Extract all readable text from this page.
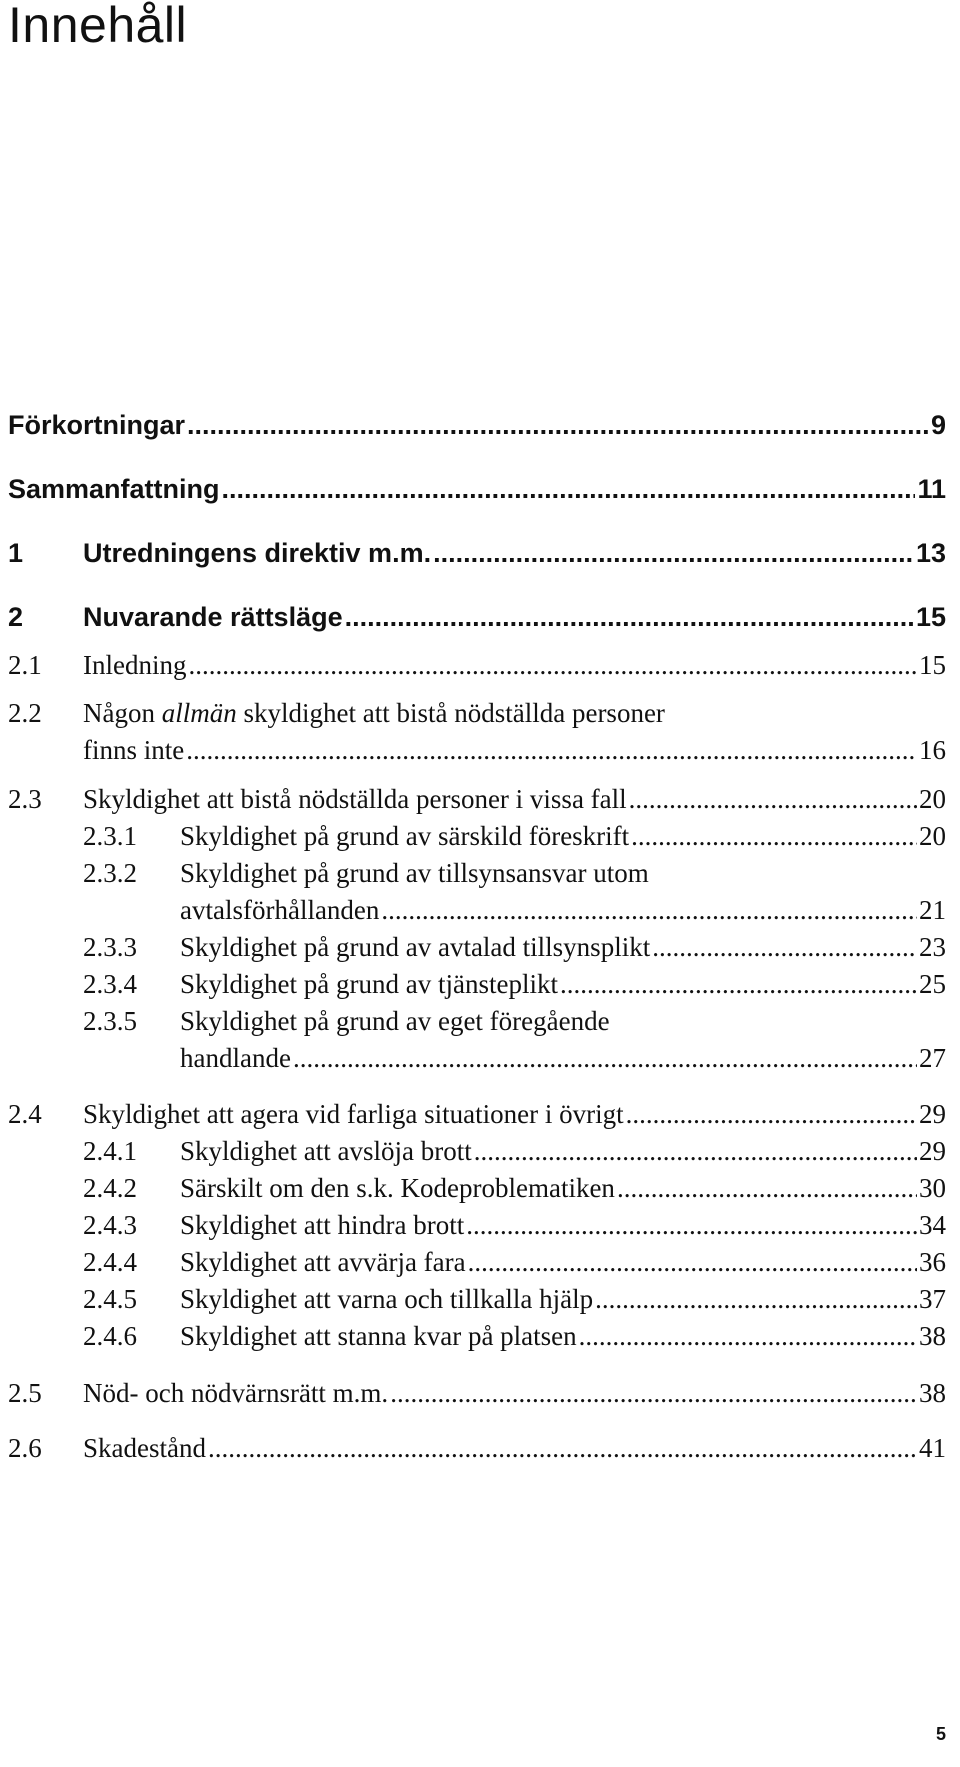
Innehåll
Förkortningar .....	9
Sammanfattning .....	11
1 Utredningens direktiv m.m. .....	13
2 Nuvarande rättsläge .....	15
2.1 Inledning .....	15
2.2 Någon allmän skyldighet att bistå nödställda personer
finns inte .....	16
2.3 Skyldighet att bistå nödställda personer i vissa fall .....	20
2.3.1 Skyldighet på grund av särskild föreskrift .....	20
2.3.2 Skyldighet på grund av tillsynsansvar utom
avtalsförhållanden .....	21
2.3.3 Skyldighet på grund av avtalad tillsynsplikt .....	23
2.3.4 Skyldighet på grund av tjänsteplikt .....	25
2.3.5 Skyldighet på grund av eget föregående
handlande .....	27
2.4 Skyldighet att agera vid farliga situationer i övrigt .....	29
2.4.1 Skyldighet att avslöja brott .....	29
2.4.2 Särskilt om den s.k. Kodeproblematiken .....	30
2.4.3 Skyldighet att hindra brott .....	34
2.4.4 Skyldighet att avvärja fara .....	36
2.4.5 Skyldighet att varna och tillkalla hjälp .....	37
2.4.6 Skyldighet att stanna kvar på platsen .....	38
2.5 Nöd- och nödvärnsrätt m.m. .....	38
2.6 Skadestånd .....	41
5
